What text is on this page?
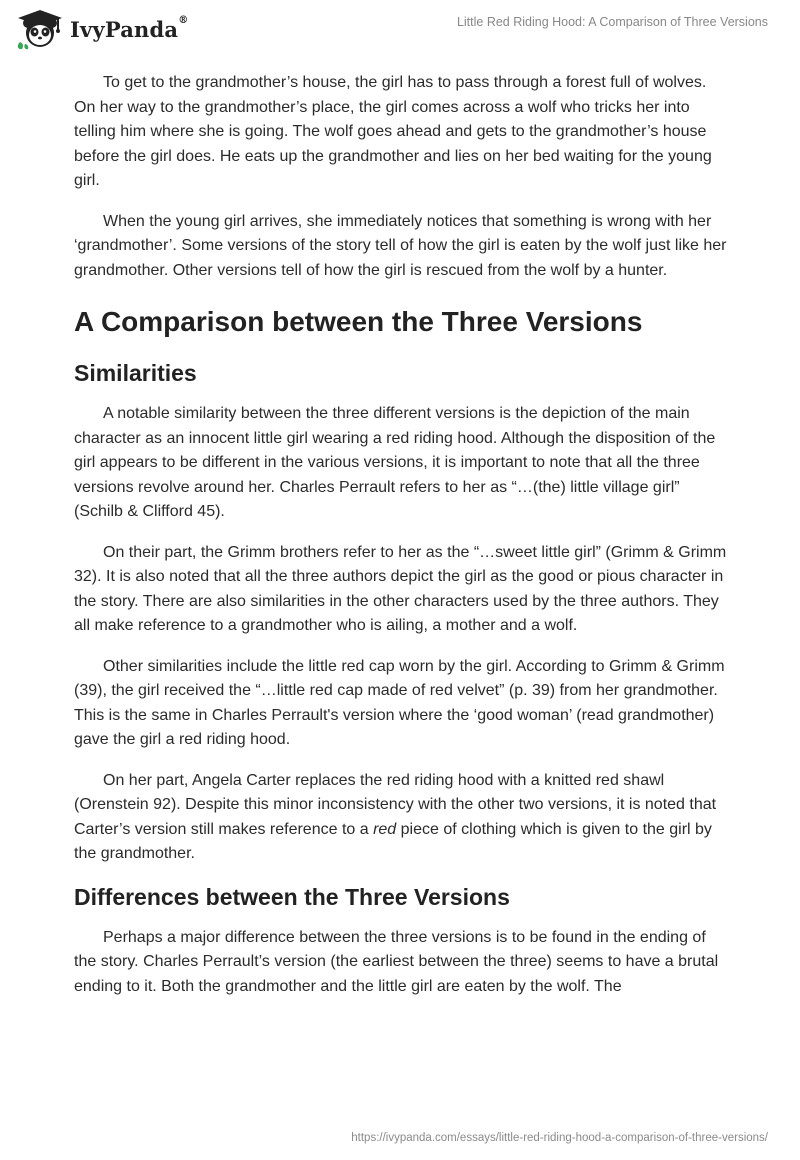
IvyPanda®	Little Red Riding Hood: A Comparison of Three Versions

To get to the grandmother’s house, the girl has to pass through a forest full of wolves. On her way to the grandmother’s place, the girl comes across a wolf who tricks her into telling him where she is going. The wolf goes ahead and gets to the grandmother’s house before the girl does. He eats up the grandmother and lies on her bed waiting for the young girl.

When the young girl arrives, she immediately notices that something is wrong with her ‘grandmother’. Some versions of the story tell of how the girl is eaten by the wolf just like her grandmother. Other versions tell of how the girl is rescued from the wolf by a hunter.

A Comparison between the Three Versions
Similarities

A notable similarity between the three different versions is the depiction of the main character as an innocent little girl wearing a red riding hood. Although the disposition of the girl appears to be different in the various versions, it is important to note that all the three versions revolve around her. Charles Perrault refers to her as “…(the) little village girl” (Schilb & Clifford 45).

On their part, the Grimm brothers refer to her as the “…sweet little girl” (Grimm & Grimm 32). It is also noted that all the three authors depict the girl as the good or pious character in the story. There are also similarities in the other characters used by the three authors. They all make reference to a grandmother who is ailing, a mother and a wolf.

Other similarities include the little red cap worn by the girl. According to Grimm & Grimm (39), the girl received the “…little red cap made of red velvet” (p. 39) from her grandmother. This is the same in Charles Perrault's version where the ‘good woman’ (read grandmother) gave the girl a red riding hood.

On her part, Angela Carter replaces the red riding hood with a knitted red shawl (Orenstein 92). Despite this minor inconsistency with the other two versions, it is noted that Carter’s version still makes reference to a red piece of clothing which is given to the girl by the grandmother.

Differences between the Three Versions

Perhaps a major difference between the three versions is to be found in the ending of the story. Charles Perrault’s version (the earliest between the three) seems to have a brutal ending to it. Both the grandmother and the little girl are eaten by the wolf. The

https://ivypanda.com/essays/little-red-riding-hood-a-comparison-of-three-versions/
